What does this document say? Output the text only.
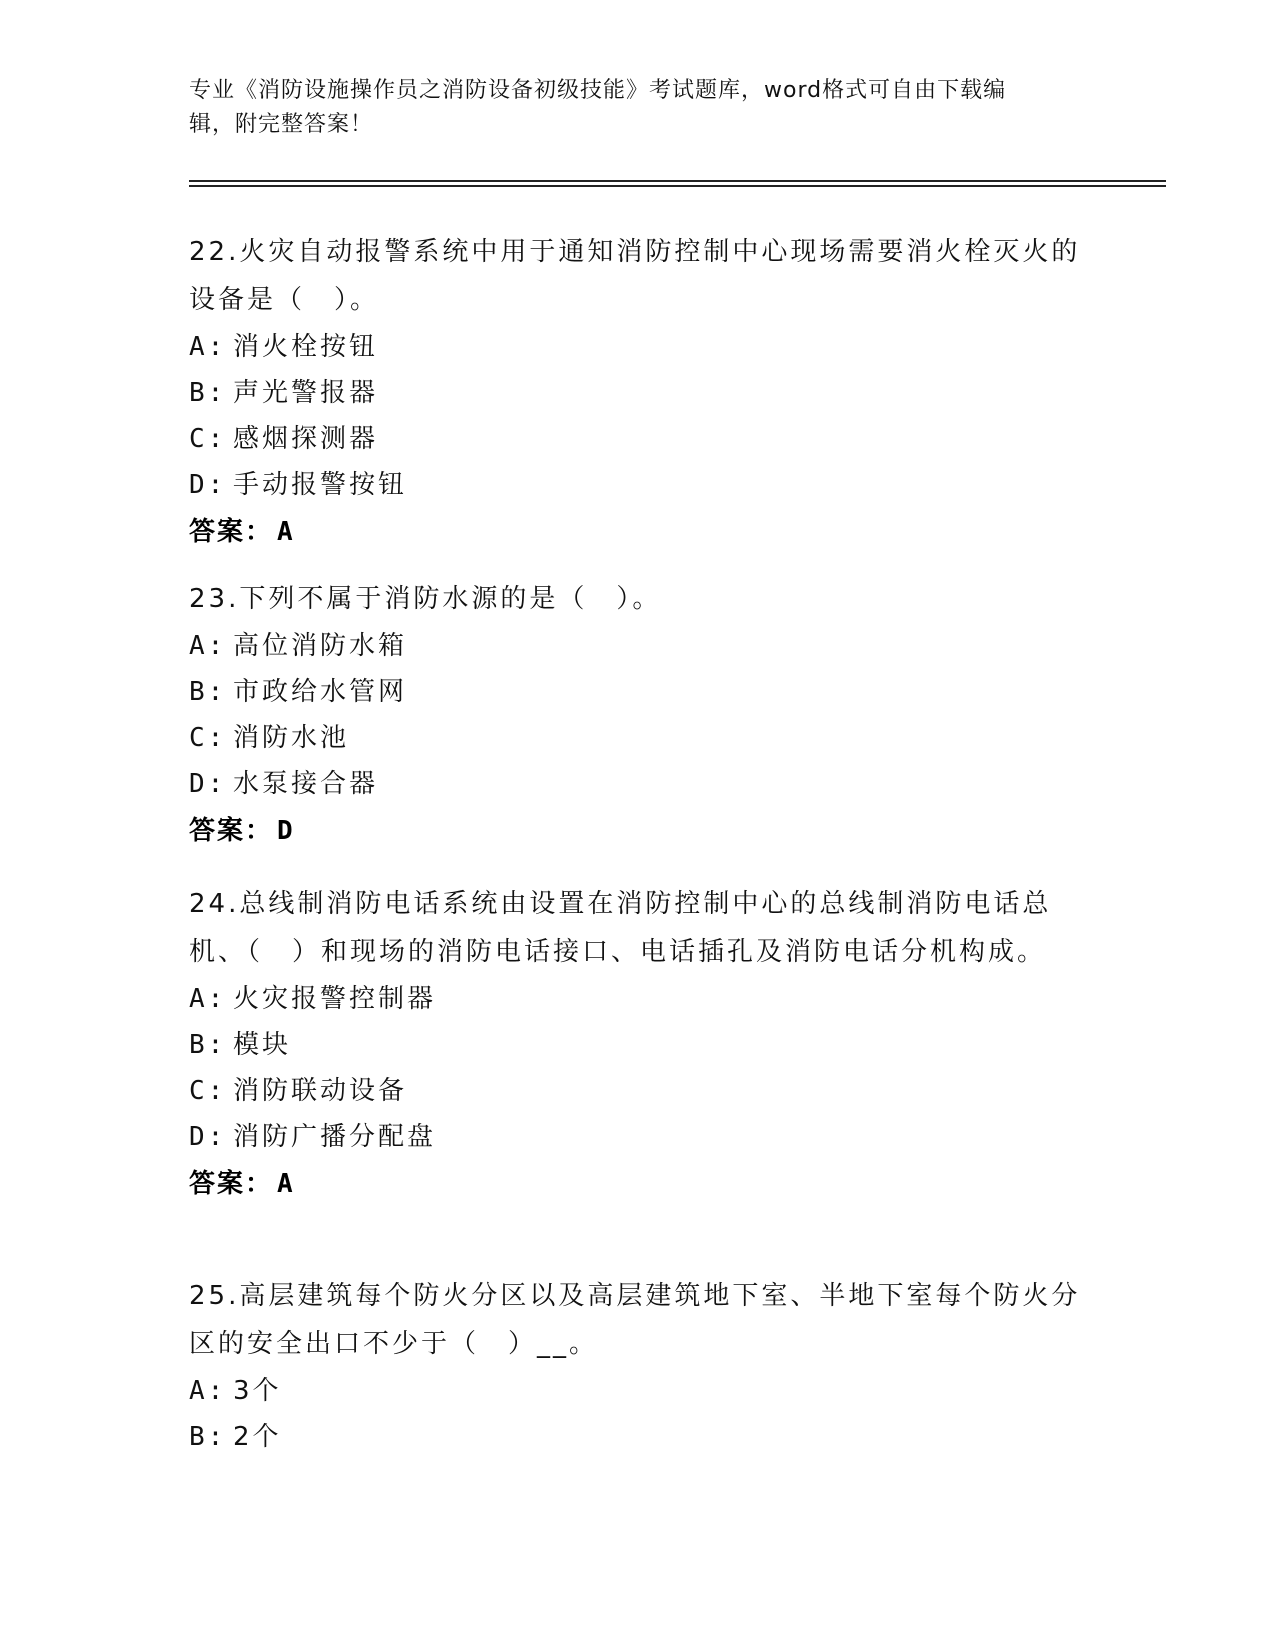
专业《消防设施操作员之消防设备初级技能》考试题库，word格式可自由下载编
辑，附完整答案！
22.火灾自动报警系统中用于通知消防控制中心现场需要消火栓灭火的设备是（　）。
A: 消火栓按钮
B: 声光警报器
C: 感烟探测器
D: 手动报警按钮
答案： A
23.下列不属于消防水源的是（　）。
A: 高位消防水箱
B: 市政给水管网
C: 消防水池
D: 水泵接合器
答案： D
24.总线制消防电话系统由设置在消防控制中心的总线制消防电话总机、（　）和现场的消防电话接口、电话插孔及消防电话分机构成。
A: 火灾报警控制器
B: 模块
C: 消防联动设备
D: 消防广播分配盘
答案： A
25.高层建筑每个防火分区以及高层建筑地下室、半地下室每个防火分区的安全出口不少于（　）__。
A: 3个
B: 2个
